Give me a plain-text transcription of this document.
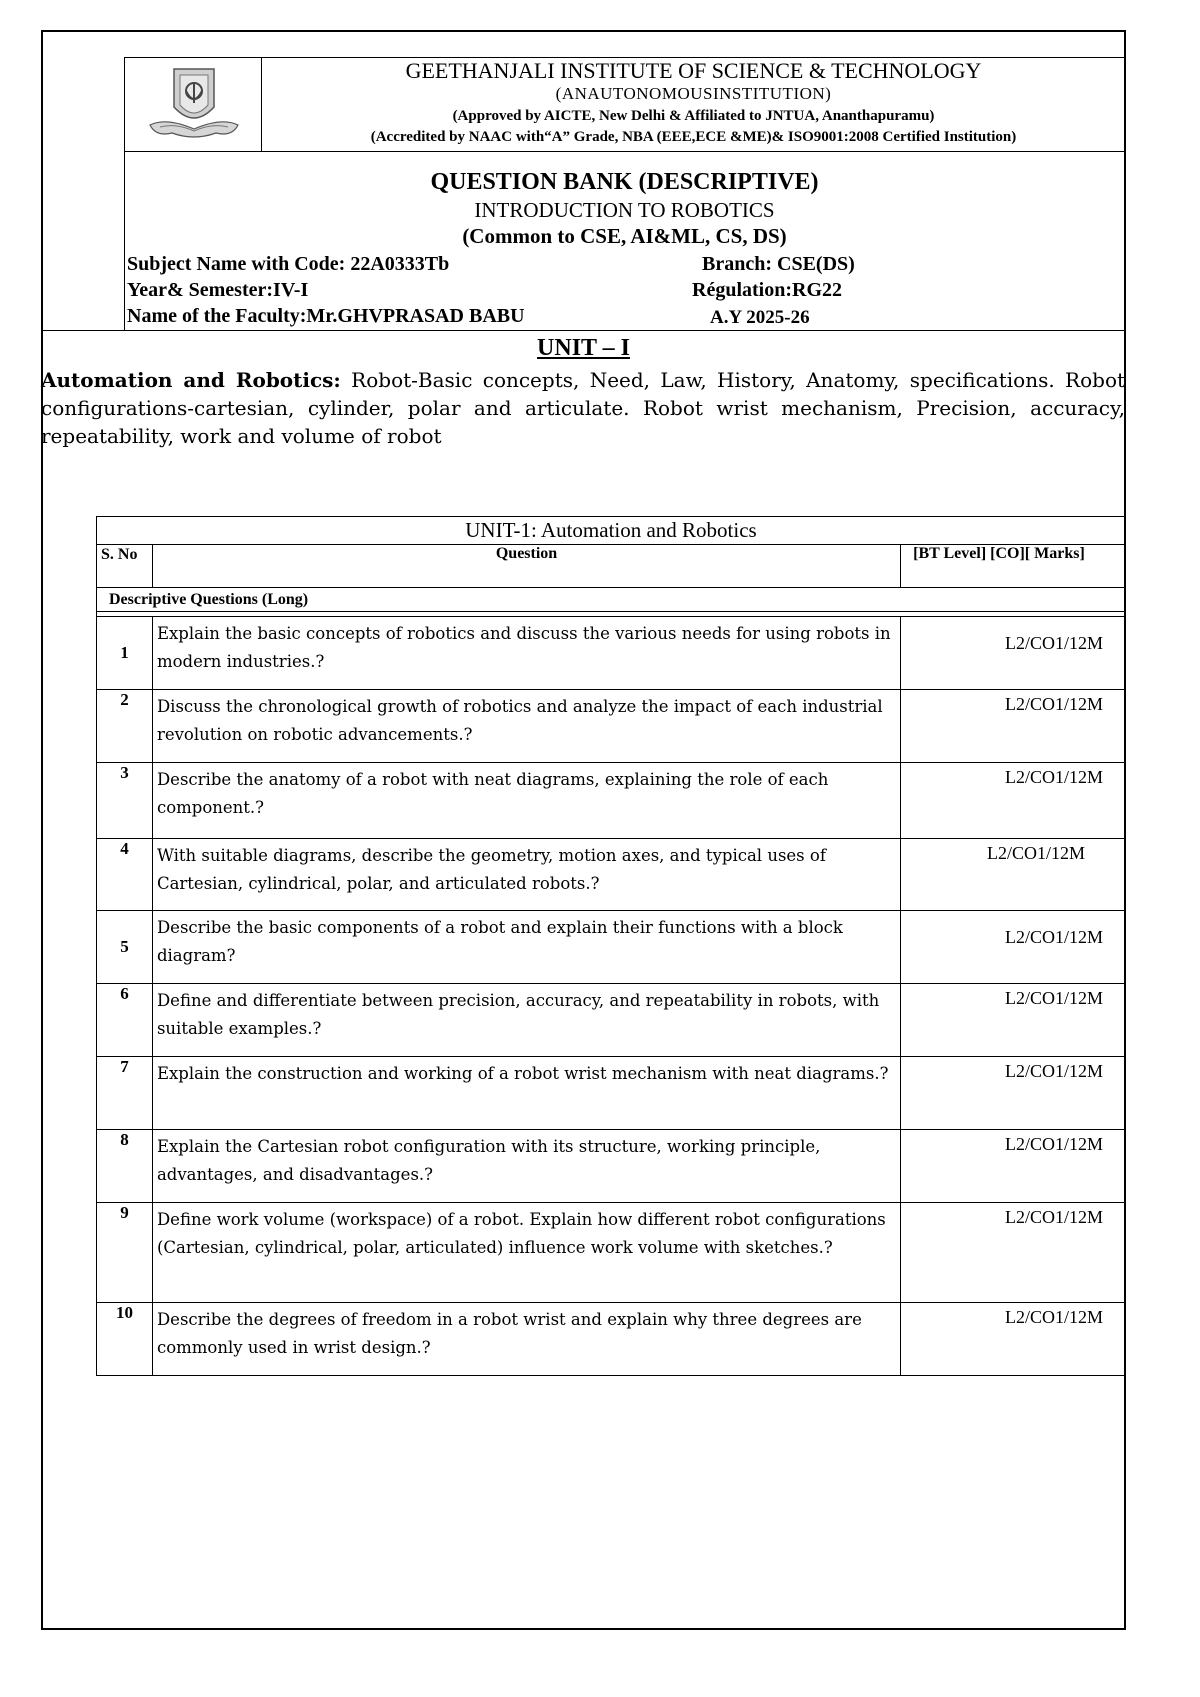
GEETHANJALI INSTITUTE OF SCIENCE & TECHNOLOGY
(ANAUTONOMOUSINSTITUTION)
(Approved by AICTE, New Delhi & Affiliated to JNTUA, Ananthapuramu)
(Accredited by NAAC with“A” Grade, NBA (EEE,ECE &ME)& ISO9001:2008 Certified Institution)
QUESTION BANK (DESCRIPTIVE)
INTRODUCTION TO ROBOTICS
(Common to CSE, AI&ML, CS, DS)
Subject Name with Code: 22A0333Tb	Branch: CSE(DS)
Year& Semester:IV-I	Régulation:RG22
Name of the Faculty:Mr.GHVPRASAD BABU	A.Y 2025-26
UNIT – I
Automation and Robotics: Robot-Basic concepts, Need, Law, History, Anatomy, specifications. Robot configurations-cartesian, cylinder, polar and articulate. Robot wrist mechanism, Precision, accuracy, repeatability, work and volume of robot
UNIT-1: Automation and Robotics		
S. No	Question	[BT Level] [CO][ Marks]
Descriptive Questions (Long)		

1	Explain the basic concepts of robotics and discuss the various needs for using robots in modern industries.?	L2/CO1/12M
2	Discuss the chronological growth of robotics and analyze the impact of each industrial revolution on robotic advancements.?	L2/CO1/12M
3	Describe the anatomy of a robot with neat diagrams, explaining the role of each component.?	L2/CO1/12M
4	With suitable diagrams, describe the geometry, motion axes, and typical uses of Cartesian, cylindrical, polar, and articulated robots.?	L2/CO1/12M
5	Describe the basic components of a robot and explain their functions with a block diagram?	L2/CO1/12M
6	Define and differentiate between precision, accuracy, and repeatability in robots, with suitable examples.?	L2/CO1/12M
7	Explain the construction and working of a robot wrist mechanism with neat diagrams.?	L2/CO1/12M
8	Explain the Cartesian robot configuration with its structure, working principle, advantages, and disadvantages.?	L2/CO1/12M
9	Define work volume (workspace) of a robot. Explain how different robot configurations (Cartesian, cylindrical, polar, articulated) influence work volume with sketches.?	L2/CO1/12M
10	Describe the degrees of freedom in a robot wrist and explain why three degrees are commonly used in wrist design.?	L2/CO1/12M
